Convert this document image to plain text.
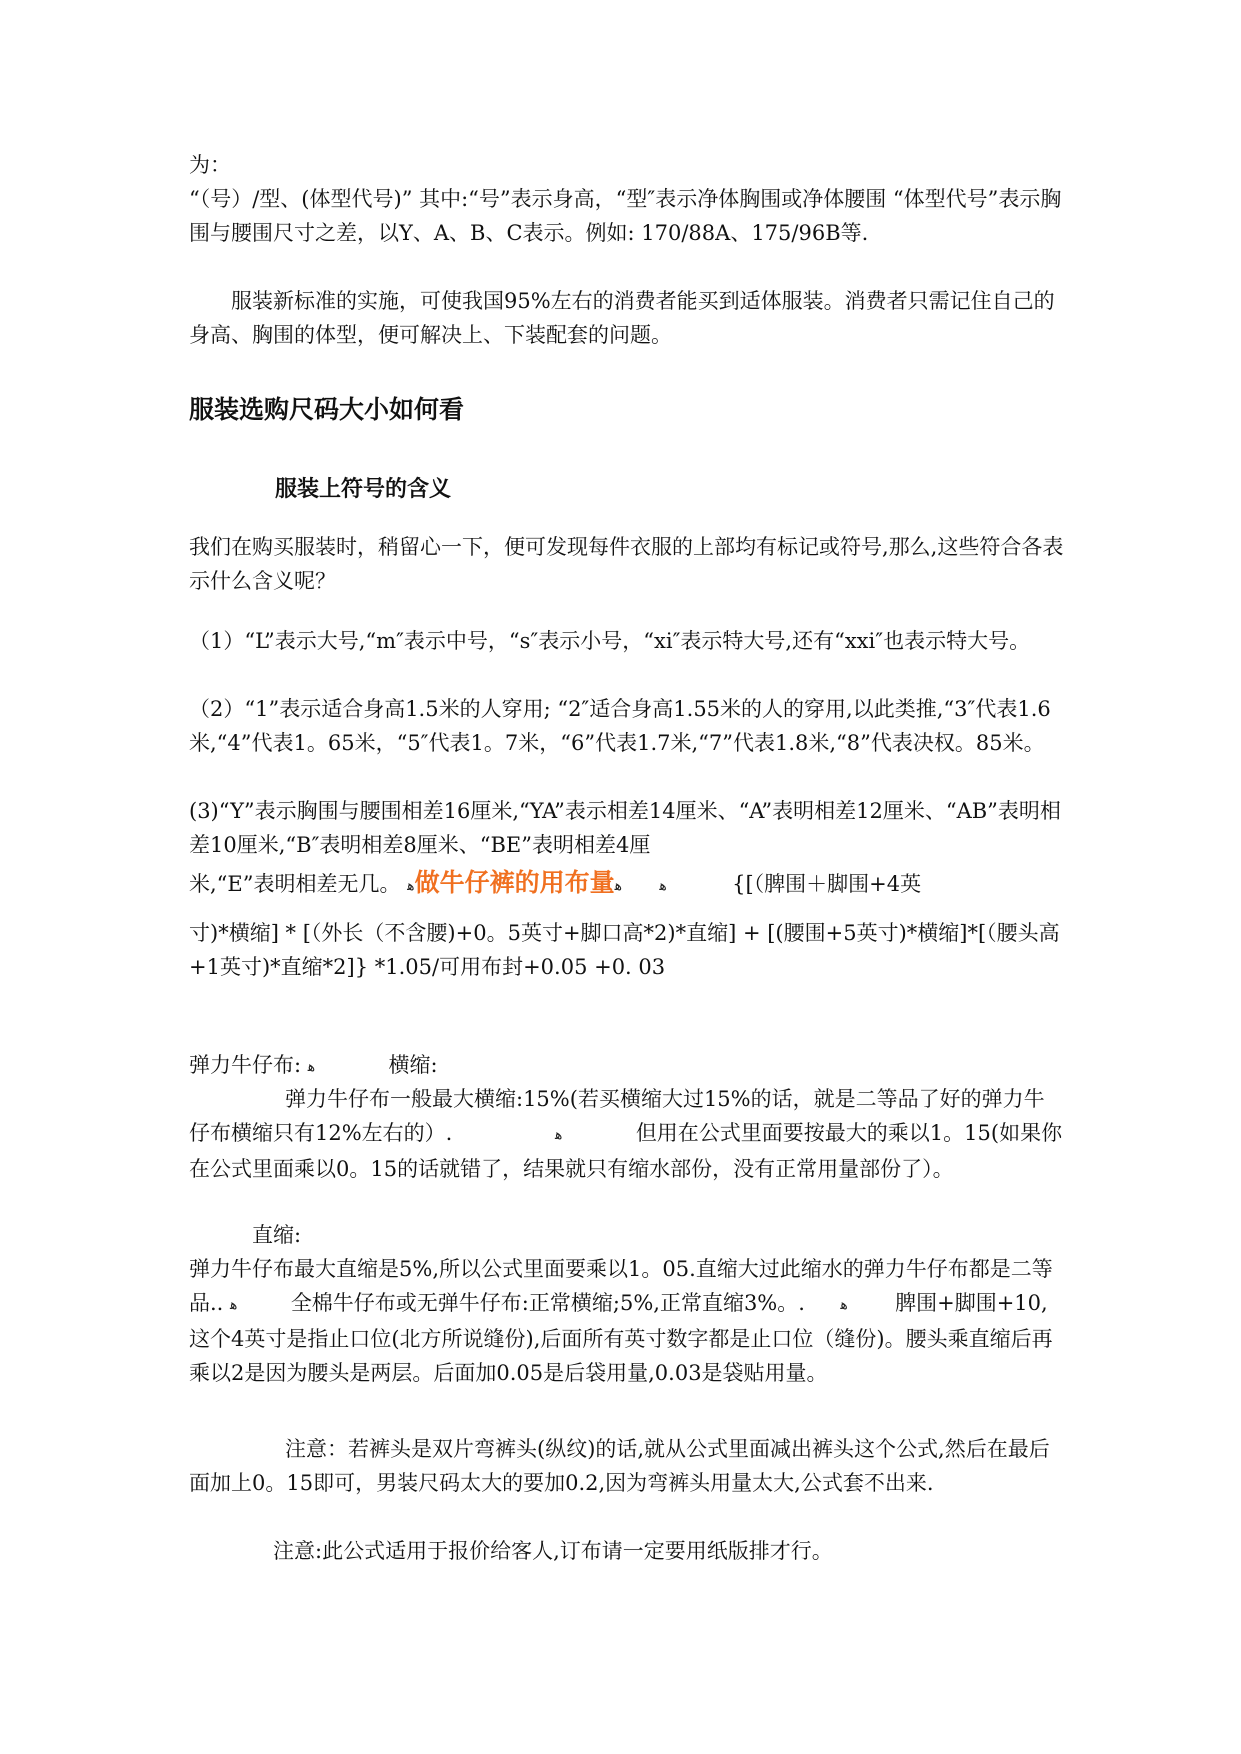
为：

“（号）/型、(体型代号)” 其中:“号”表示身高，“型″表示净体胸围或净体腰围 “体型代号”表示胸围与腰围尺寸之差，以Y、A、B、C表示。例如: 170/88A、175/96B等.

服装新标准的实施，可使我国95%左右的消费者能买到适体服装。消费者只需记住自己的身高、胸围的体型，便可解决上、下装配套的问题。

服装选购尺码大小如何看
服装上符号的含义

我们在购买服装时，稍留心一下，便可发现每件衣服的上部均有标记或符号,那么,这些符合各表示什么含义呢？

（1）“L”表示大号,“m″表示中号，“s″表示小号，“xi″表示特大号,还有“xxi″也表示特大号。

（2）“1”表示适合身高1.5米的人穿用; “2″适合身高1.55米的人的穿用,以此类推,“3″代表1.6米,“4”代表1。65米，“5″代表1。7米，“6”代表1.7米,“7”代表1.8米,“8”代表决权。85米。

(3)“Y”表示胸围与腰围相差16厘米,“YA”表示相差14厘米、“A”表明相差12厘米、“AB”表明相差10厘米,“B″表明相差8厘米、“BE”表明相差4厘

米,“E”表明相差无几。 ﻫ做牛仔裤的用布量ﻫ	ﻫ	{[（脾围＋脚围+4英

寸)*横缩] * [（外长（不含腰)+0。5英寸+脚口高*2)*直缩] + [(腰围+5英寸)*横缩]*[（腰头高+1英寸)*直缩*2]} *1.05/可用布封+0.05 +0. 03

弹力牛仔布: ﻫ	横缩:

弹力牛仔布一般最大横缩:15%(若买横缩大过15%的话，就是二等品了好的弹力牛仔布横缩只有12%左右的）.	ﻫ	但用在公式里面要按最大的乘以1。15(如果你在公式里面乘以0。15的话就错了，结果就只有缩水部份，没有正常用量部份了）。

直缩:

弹力牛仔布最大直缩是5%,所以公式里面要乘以1。05.直缩大过此缩水的弹力牛仔布都是二等品.. ﻫ	全棉牛仔布或无弹牛仔布:正常横缩;5%,正常直缩3%。.	ﻫ 脾围+脚围+10,这个4英寸是指止口位(北方所说缝份),后面所有英寸数字都是止口位（缝份)。腰头乘直缩后再乘以2是因为腰头是两层。后面加0.05是后袋用量,0.03是袋贴用量。

注意：若裤头是双片弯裤头(纵纹)的话,就从公式里面减出裤头这个公式,然后在最后面加上0。15即可，男装尺码太大的要加0.2,因为弯裤头用量太大,公式套不出来.

注意:此公式适用于报价给客人,订布请一定要用纸版排才行。
